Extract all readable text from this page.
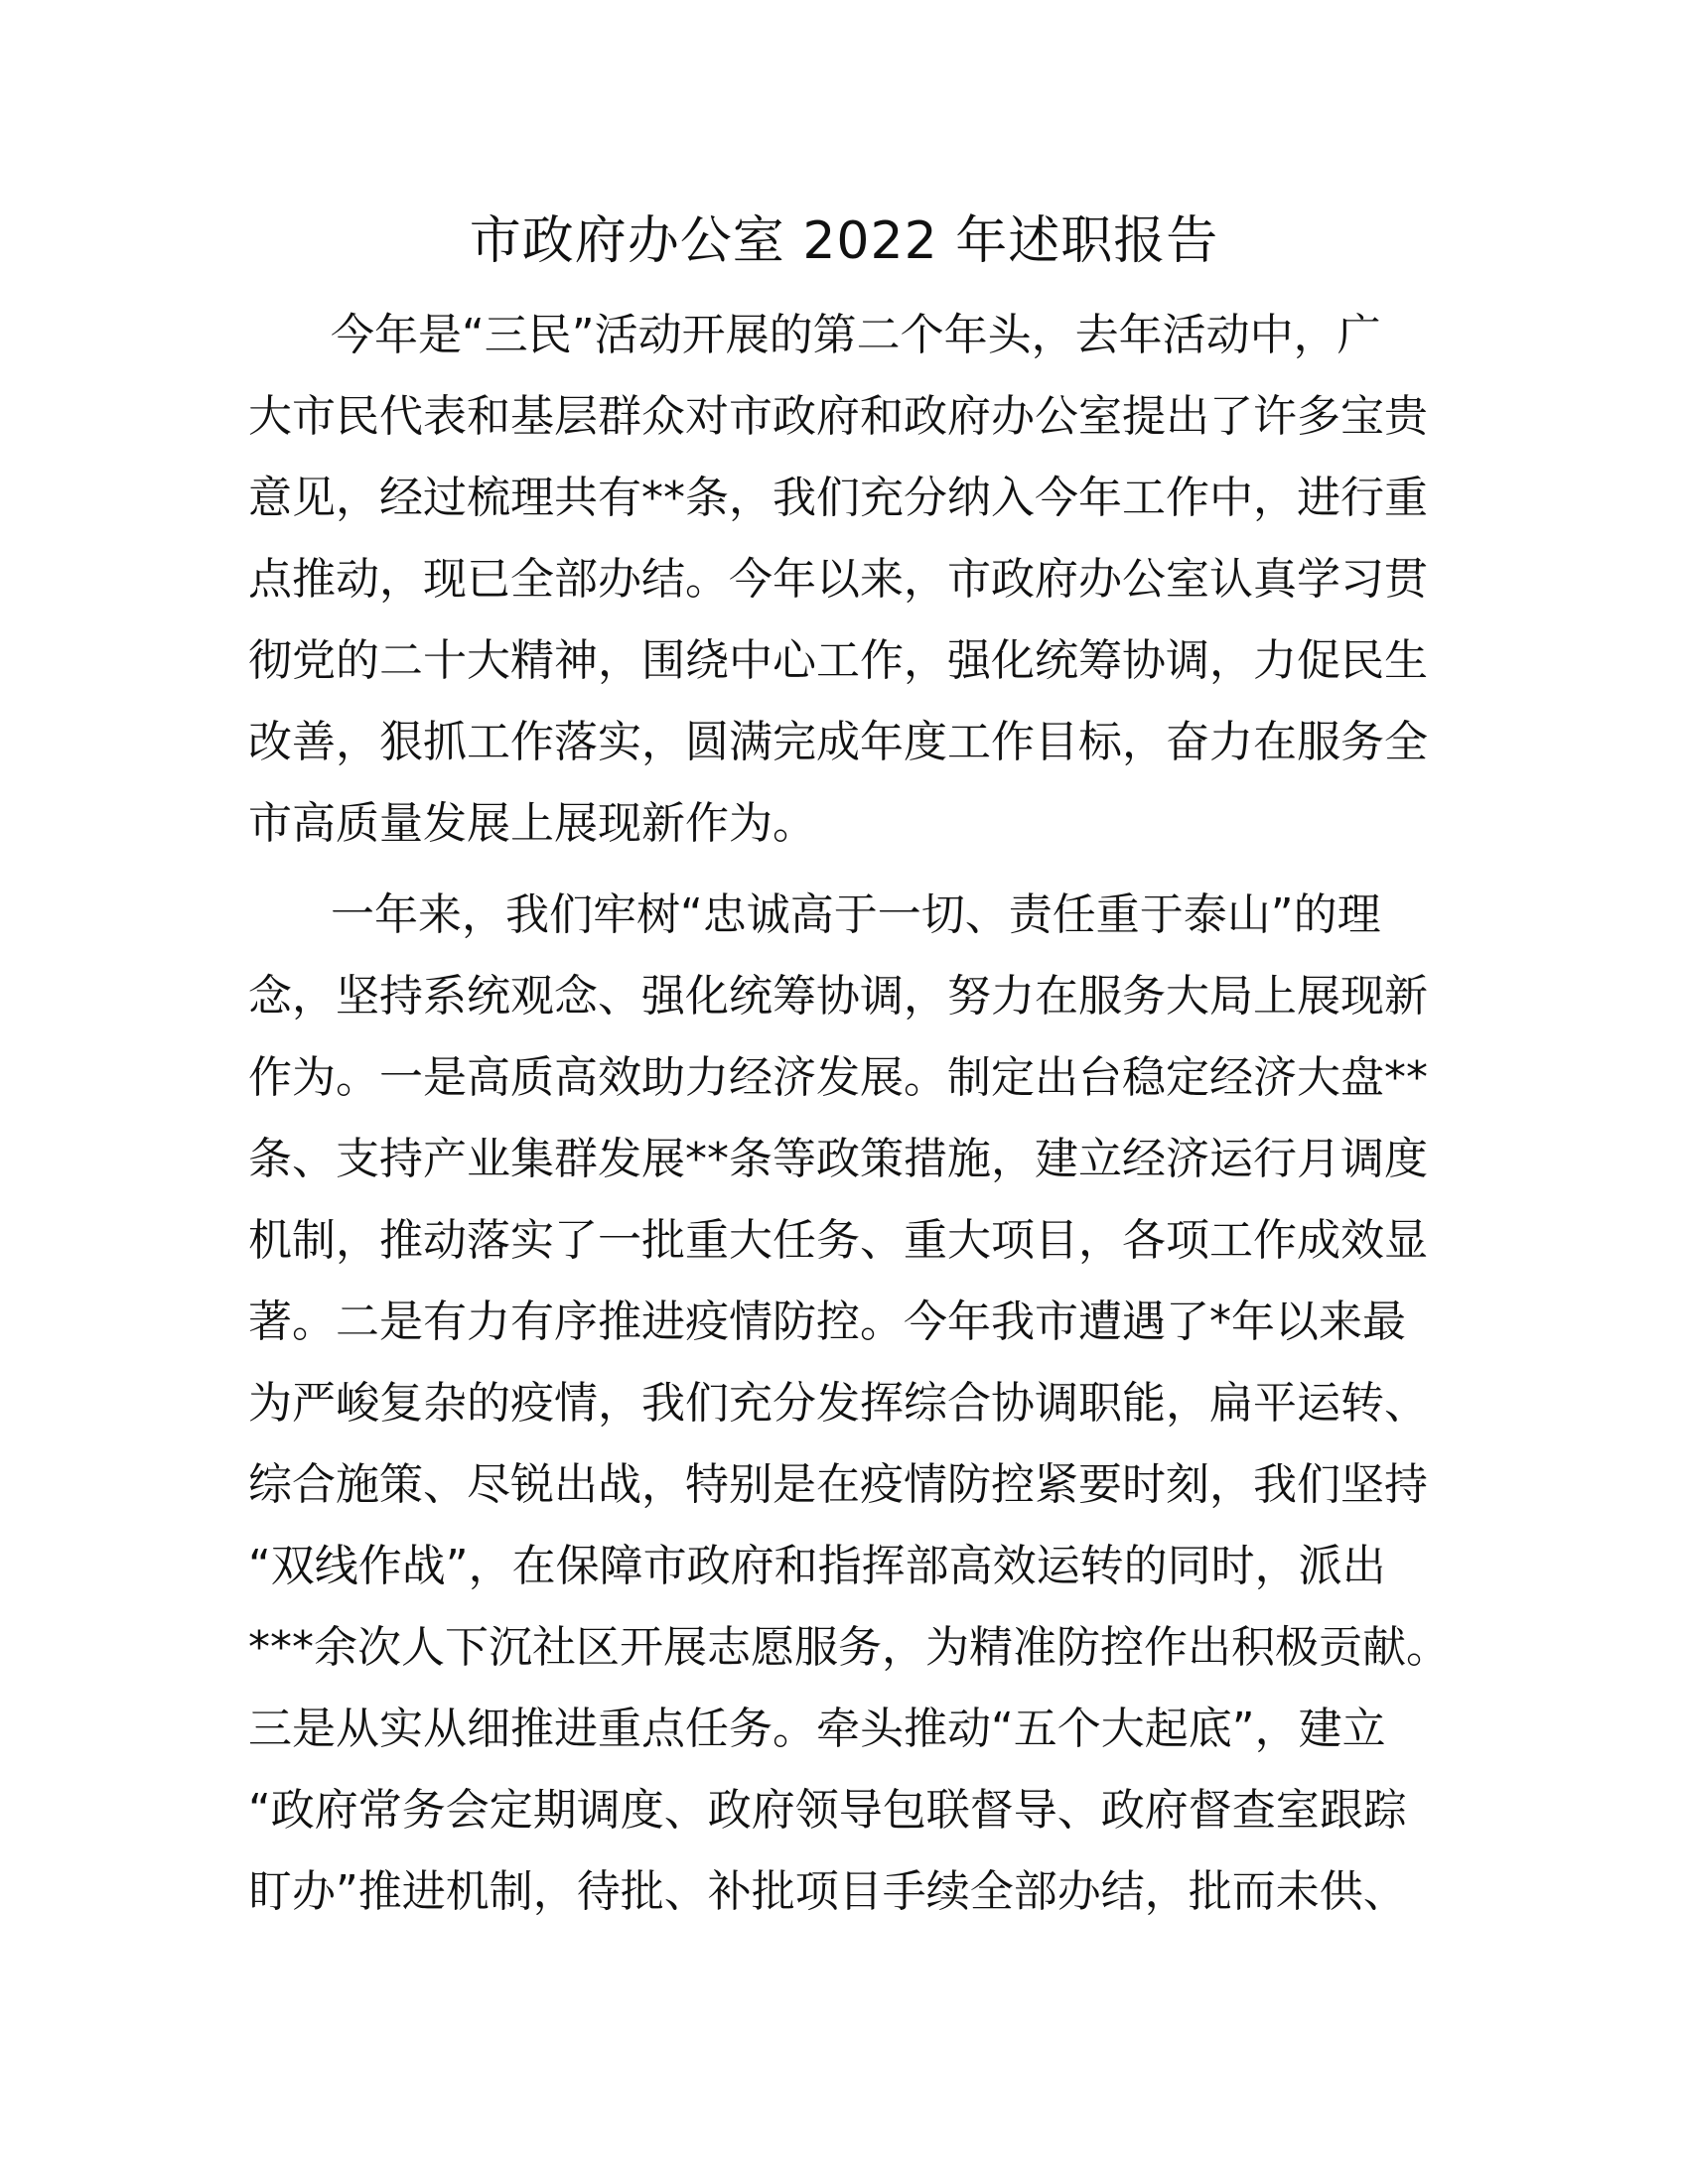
市政府办公室 2022 年述职报告
今年是“三民”活动开展的第二个年头，去年活动中，广
大市民代表和基层群众对市政府和政府办公室提出了许多宝贵
意见，经过梳理共有**条，我们充分纳入今年工作中，进行重
点推动，现已全部办结。今年以来，市政府办公室认真学习贯
彻党的二十大精神，围绕中心工作，强化统筹协调，力促民生
改善，狠抓工作落实，圆满完成年度工作目标，奋力在服务全
市高质量发展上展现新作为。
一年来，我们牢树“忠诚高于一切、责任重于泰山”的理
念，坚持系统观念、强化统筹协调，努力在服务大局上展现新
作为。一是高质高效助力经济发展。制定出台稳定经济大盘**
条、支持产业集群发展**条等政策措施，建立经济运行月调度
机制，推动落实了一批重大任务、重大项目，各项工作成效显
著。二是有力有序推进疫情防控。今年我市遭遇了*年以来最
为严峻复杂的疫情，我们充分发挥综合协调职能，扁平运转、
综合施策、尽锐出战，特别是在疫情防控紧要时刻，我们坚持
“双线作战”，在保障市政府和指挥部高效运转的同时，派出
***余次人下沉社区开展志愿服务，为精准防控作出积极贡献。
三是从实从细推进重点任务。牵头推动“五个大起底”，建立
“政府常务会定期调度、政府领导包联督导、政府督查室跟踪
盯办”推进机制，待批、补批项目手续全部办结，批而未供、
